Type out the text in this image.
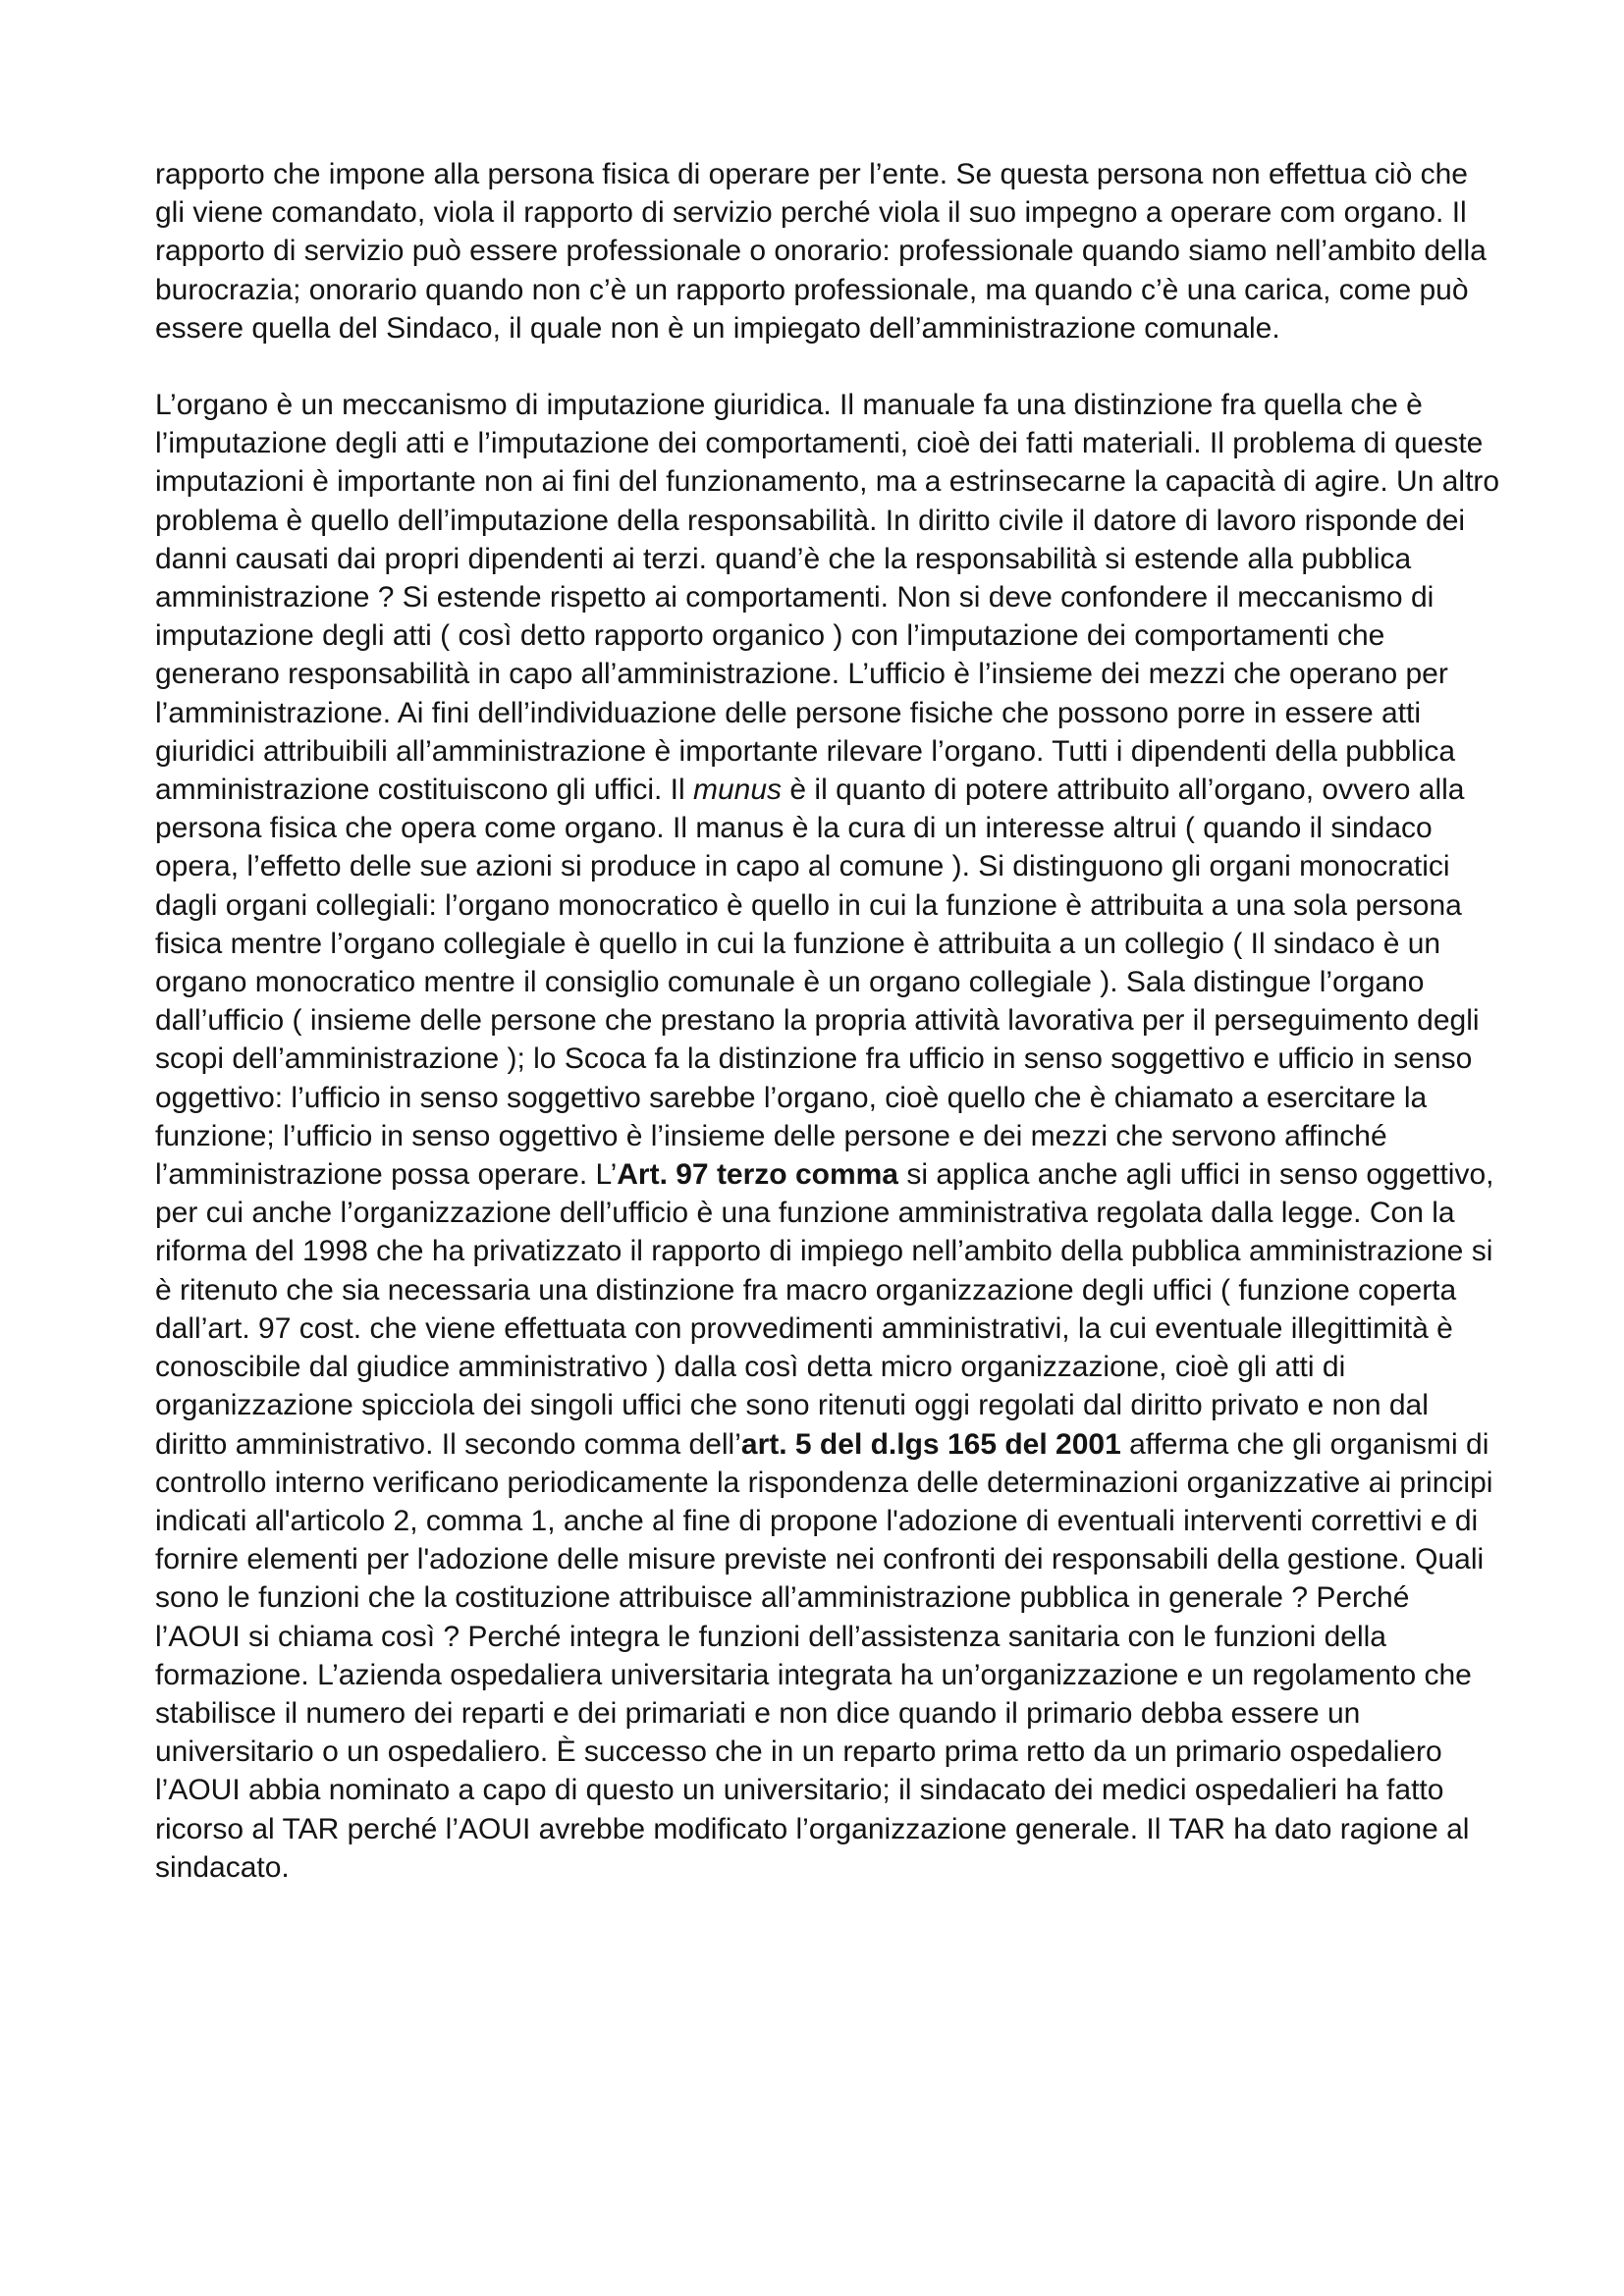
rapporto che impone alla persona fisica di operare per l’ente. Se questa persona non effettua ciò che gli viene comandato, viola il rapporto di servizio perché viola il suo impegno a operare com organo. Il rapporto di servizio può essere professionale o onorario: professionale quando siamo nell’ambito della burocrazia; onorario quando non c’è un rapporto professionale, ma quando c’è una carica, come può essere quella del Sindaco, il quale non è un impiegato dell’amministrazione comunale.

L’organo è un meccanismo di imputazione giuridica. Il manuale fa una distinzione fra quella che è l’imputazione degli atti e l’imputazione dei comportamenti, cioè dei fatti materiali. Il problema di queste imputazioni è importante non ai fini del funzionamento, ma a estrinsecarne la capacità di agire. Un altro problema è quello dell’imputazione della responsabilità. In diritto civile il datore di lavoro risponde dei danni causati dai propri dipendenti ai terzi. quand’è che la responsabilità si estende alla pubblica amministrazione ? Si estende rispetto ai comportamenti. Non si deve confondere il meccanismo di imputazione degli atti ( così detto rapporto organico ) con l’imputazione dei comportamenti che generano responsabilità in capo all’amministrazione. L’ufficio è l’insieme dei mezzi che operano per l’amministrazione. Ai fini dell’individuazione delle persone fisiche che possono porre in essere atti giuridici attribuibili all’amministrazione è importante rilevare l’organo. Tutti i dipendenti della pubblica amministrazione costituiscono gli uffici. Il munus è il quanto di potere attribuito all’organo, ovvero alla persona fisica che opera come organo. Il manus è la cura di un interesse altrui ( quando il sindaco opera, l’effetto delle sue azioni si produce in capo al comune ). Si distinguono gli organi monocratici dagli organi collegiali: l’organo monocratico è quello in cui la funzione è attribuita a una sola persona fisica mentre l’organo collegiale è quello in cui la funzione è attribuita a un collegio ( Il sindaco è un organo monocratico mentre il consiglio comunale è un organo collegiale ). Sala distingue l’organo dall’ufficio ( insieme delle persone che prestano la propria attività lavorativa per il perseguimento degli scopi dell’amministrazione ); lo Scoca fa la distinzione fra ufficio in senso soggettivo e ufficio in senso oggettivo: l’ufficio in senso soggettivo sarebbe l’organo, cioè quello che è chiamato a esercitare la funzione; l’ufficio in senso oggettivo è l’insieme delle persone e dei mezzi che servono affinché l’amministrazione possa operare. L’Art. 97 terzo comma si applica anche agli uffici in senso oggettivo, per cui anche l’organizzazione dell’ufficio è una funzione amministrativa regolata dalla legge. Con la riforma del 1998 che ha privatizzato il rapporto di impiego nell’ambito della pubblica amministrazione si è ritenuto che sia necessaria una distinzione fra macro organizzazione degli uffici ( funzione coperta dall’art. 97 cost. che viene effettuata con provvedimenti amministrativi, la cui eventuale illegittimità è conoscibile dal giudice amministrativo ) dalla così detta micro organizzazione, cioè gli atti di organizzazione spicciola dei singoli uffici che sono ritenuti oggi regolati dal diritto privato e non dal diritto amministrativo. Il secondo comma dell’art. 5 del d.lgs 165 del 2001 afferma che gli organismi di controllo interno verificano periodicamente la rispondenza delle determinazioni organizzative ai principi indicati all'articolo 2, comma 1, anche al fine di propone l'adozione di eventuali interventi correttivi e di fornire elementi per l'adozione delle misure previste nei confronti dei responsabili della gestione. Quali sono le funzioni che la costituzione attribuisce all’amministrazione pubblica in generale ? Perché l’AOUI si chiama così ? Perché integra le funzioni dell’assistenza sanitaria con le funzioni della formazione. L’azienda ospedaliera universitaria integrata ha un’organizzazione e un regolamento che stabilisce il numero dei reparti e dei primariati e non dice quando il primario debba essere un universitario o un ospedaliero. È successo che in un reparto prima retto da un primario ospedaliero l’AOUI abbia nominato a capo di questo un universitario; il sindacato dei medici ospedalieri ha fatto ricorso al TAR perché l’AOUI avrebbe modificato l’organizzazione generale. Il TAR ha dato ragione al sindacato.
